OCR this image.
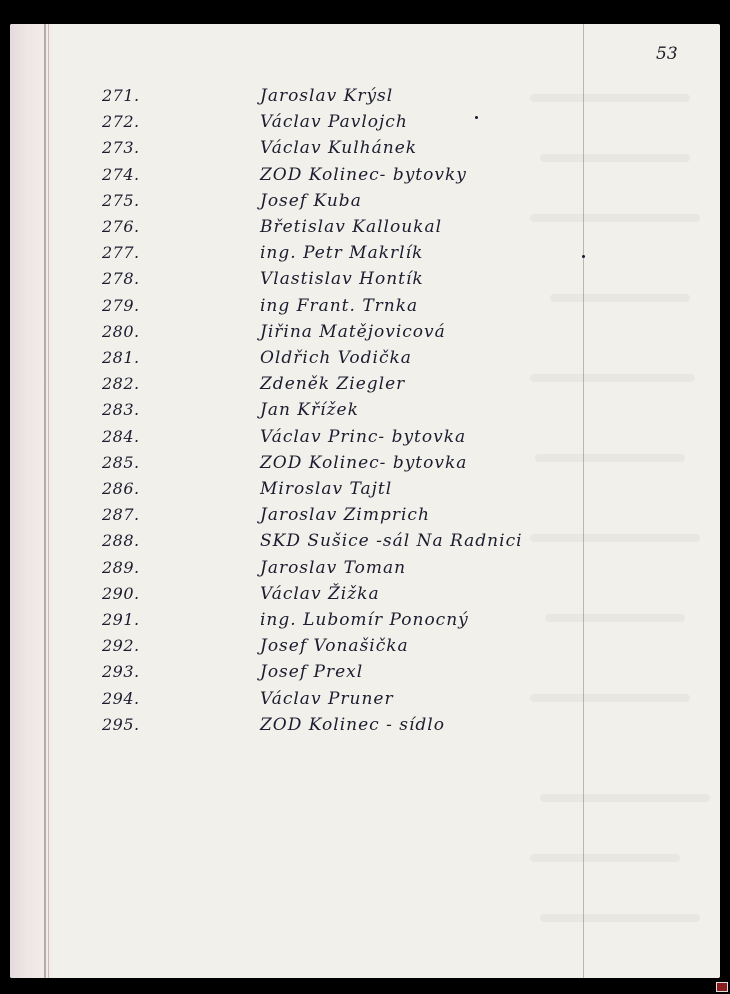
53
271.	Jaroslav Krýsl
272.	Václav Pavlojch
273.	Václav Kulhánek
274.	ZOD Kolinec- bytovky
275.	Josef Kuba
276.	Břetislav Kalloukal
277.	ing. Petr Makrlík
278.	Vlastislav Hontík
279.	ing Frant. Trnka
280.	Jiřina Matějovicová
281.	Oldřich Vodička
282.	Zdeněk Ziegler
283.	Jan Křížek
284.	Václav Princ- bytovka
285.	ZOD Kolinec- bytovka
286.	Miroslav Tajtl
287.	Jaroslav Zimprich
288.	SKD Sušice -sál Na Radnici
289.	Jaroslav Toman
290.	Václav Žižka
291.	ing. Lubomír Ponocný
292.	Josef Vonašička
293.	Josef Prexl
294.	Václav Pruner
295.	ZOD Kolinec - sídlo
